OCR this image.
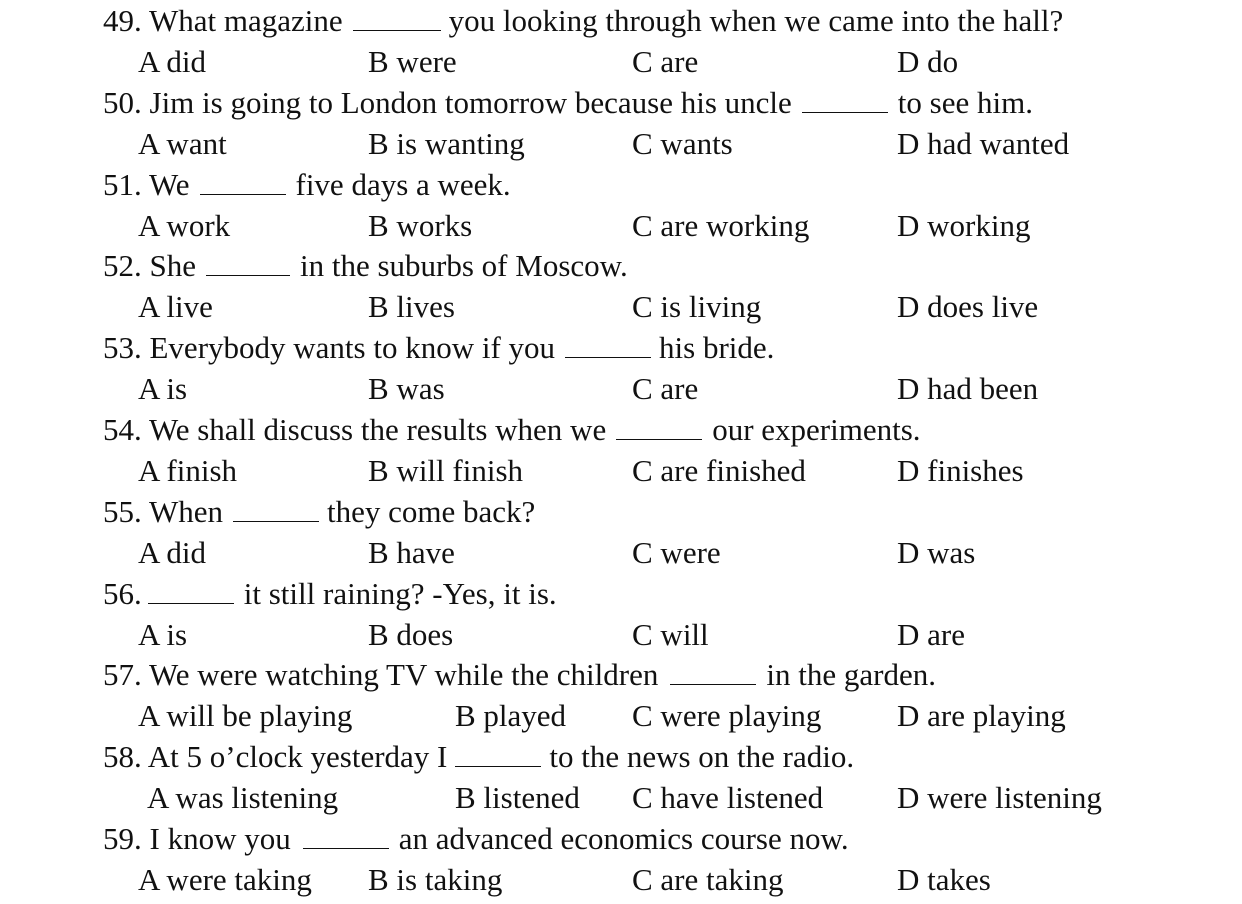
49. What magazine	you looking through when we came into the hall?
A did	B were	C are	D do
50. Jim is going to London tomorrow because his uncle	to see him.
A want	B is wanting	C wants	D had wanted
51. We	five days a week.
A work	B works	C are working	D working
52. She	in the suburbs of Moscow.
A live	B lives	C is living	D does live
53. Everybody wants to know if you	his bride.
A is	B was	C are	D had been
54. We shall discuss the results when we	our experiments.
A finish	B will finish	C are finished	D finishes
55. When	they come back?
A did	B have	C were	D was
56.	it still raining? -Yes, it is.
A is	B does	C will	D are
57. We were watching TV while the children	in the garden.
A will be playing	B played C were playing D are playing
58. At 5 o’clock yesterday I	to the news on the radio.
A was listening	B listened C have listened D were listening
59. I know you	an advanced economics course now.
A were taking B is taking	C are taking	D takes
